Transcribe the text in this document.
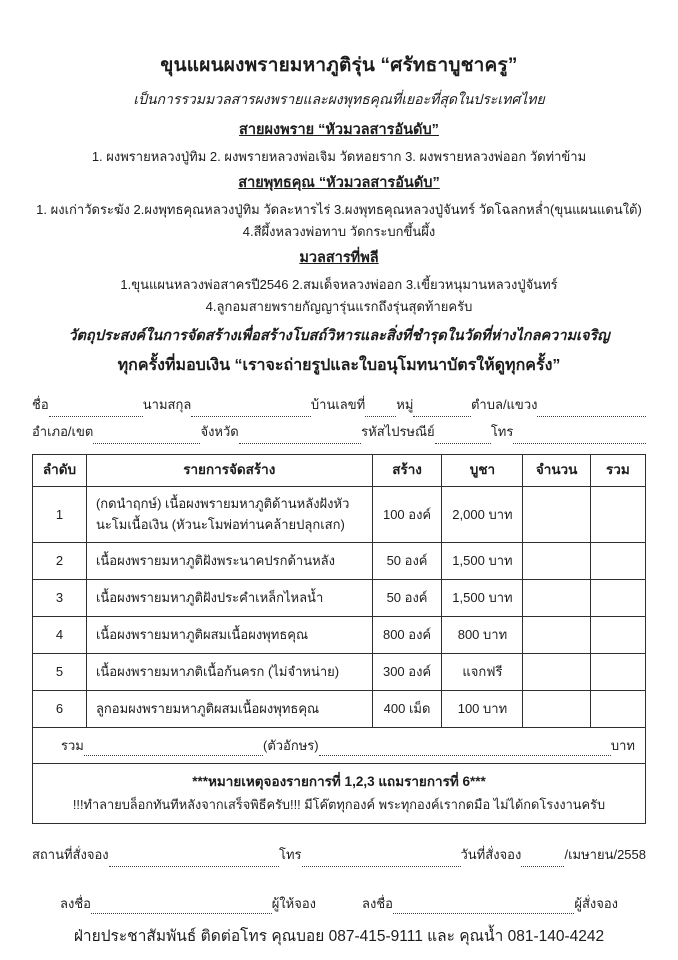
ขุนแผนผงพรายมหาภูติรุ่น “ศรัทธาบูชาครู”
เป็นการรวมมวลสารผงพรายและผงพุทธคุณที่เยอะที่สุดในประเทศไทย
สายผงพราย “หัวมวลสารอันดับ”
1. ผงพรายหลวงปู่ทิม 2. ผงพรายหลวงพ่อเจิม วัดหอยราก 3. ผงพรายหลวงพ่ออก วัดท่าข้าม
สายพุทธคุณ “หัวมวลสารอันดับ”
1. ผงเก่าวัดระฆัง 2.ผงพุทธคุณหลวงปู่ทิม วัดละหารไร่ 3.ผงพุทธคุณหลวงปู่จันทร์ วัดโฉลกหล่ำ(ขุนแผนแดนใต้)
4.สีผึ้งหลวงพ่อทาบ วัดกระบกขึ้นผึ้ง
มวลสารที่พลี
1.ขุนแผนหลวงพ่อสาครปี2546 2.สมเด็จหลวงพ่ออก 3.เขี้ยวหนุมานหลวงปู่จันทร์
4.ลูกอมสายพรายกัญญารุ่นแรกถึงรุ่นสุดท้ายครับ
วัตถุประสงค์ในการจัดสร้างเพื่อสร้างโบสถ์วิหารและสิ่งที่ชำรุดในวัดที่ห่างไกลความเจริญ
ทุกครั้งที่มอบเงิน “เราจะถ่ายรูปและใบอนุโมทนาบัตรให้ดูทุกครั้ง”
ชื่อ	นามสกุล	บ้านเลขที่ หมู่	ตำบล/แขวง
อำเภอ/เขต	จังหวัด	รหัสไปรษณีย์	โทร
ลำดับ	รายการจัดสร้าง	สร้าง	บูชา	จำนวน	รวม
1	(กดนำฤกษ์) เนื้อผงพรายมหาภูติด้านหลังฝังหัวนะโมเนื้อเงิน (หัวนะโมพ่อท่านคล้ายปลุกเสก)	100 องค์	2,000 บาท		
2	เนื้อผงพรายมหาภูติฝังพระนาคปรกด้านหลัง	50 องค์	1,500 บาท		
3	เนื้อผงพรายมหาภูติฝังประคำเหล็กไหลน้ำ	50 องค์	1,500 บาท		
4	เนื้อผงพรายมหาภูติผสมเนื้อผงพุทธคุณ	800 องค์	800 บาท		
5	เนื้อผงพรายมหาภติเนื้อก้นครก (ไม่จำหน่าย)	300 องค์	แจกฟรี		
6	ลูกอมผงพรายมหาภูติผสมเนื้อผงพุทธคุณ	400 เม็ด	100 บาท		

รวม (ตัวอักษร) บาท					

***หมายเหตุจองรายการที่ 1,2,3 แถมรายการที่ 6***
!!!ทำลายบล็อกทันทีหลังจากเสร็จพิธีครับ!!! มีโค๊ตทุกองค์ พระทุกองค์เรากดมือ ไม่ได้กดโรงงานครับ					
สถานที่สั่งจอง	โทร	วันที่สั่งจอง	/เมษายน/2558
ลงชื่อ	ผู้ให้จอง	ลงชื่อ	ผู้สั่งจอง
ฝ่ายประชาสัมพันธ์ ติดต่อโทร คุณบอย 087-415-9111 และ คุณน้ำ 081-140-4242
